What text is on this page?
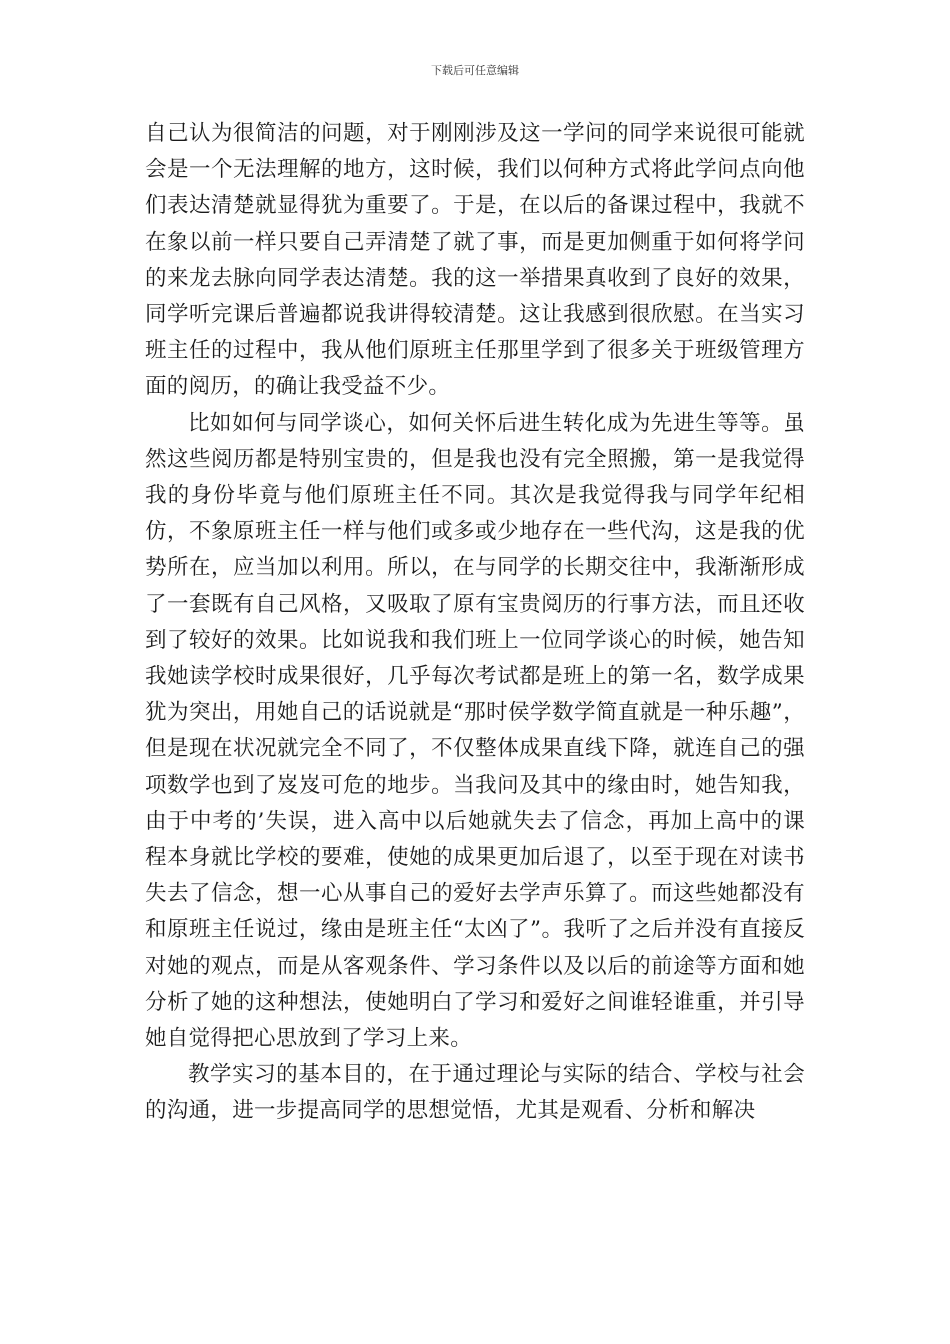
下载后可任意编辑

自己认为很简洁的问题，对于刚刚涉及这一学问的同学来说很可能就会是一个无法理解的地方，这时候，我们以何种方式将此学问点向他们表达清楚就显得犹为重要了。于是，在以后的备课过程中，我就不在象以前一样只要自己弄清楚了就了事，而是更加侧重于如何将学问的来龙去脉向同学表达清楚。我的这一举措果真收到了良好的效果，同学听完课后普遍都说我讲得较清楚。这让我感到很欣慰。在当实习班主任的过程中，我从他们原班主任那里学到了很多关于班级管理方面的阅历，的确让我受益不少。

比如如何与同学谈心，如何关怀后进生转化成为先进生等等。虽然这些阅历都是特别宝贵的，但是我也没有完全照搬，第一是我觉得我的身份毕竟与他们原班主任不同。其次是我觉得我与同学年纪相仿，不象原班主任一样与他们或多或少地存在一些代沟，这是我的优势所在，应当加以利用。所以，在与同学的长期交往中，我渐渐形成了一套既有自己风格，又吸取了原有宝贵阅历的行事方法，而且还收到了较好的效果。比如说我和我们班上一位同学谈心的时候，她告知我她读学校时成果很好，几乎每次考试都是班上的第一名，数学成果犹为突出，用她自己的话说就是“那时侯学数学简直就是一种乐趣”，但是现在状况就完全不同了，不仅整体成果直线下降，就连自己的强项数学也到了岌岌可危的地步。当我问及其中的缘由时，她告知我，由于中考的’失误，进入高中以后她就失去了信念，再加上高中的课程本身就比学校的要难，使她的成果更加后退了，以至于现在对读书失去了信念，想一心从事自己的爱好去学声乐算了。而这些她都没有和原班主任说过，缘由是班主任“太凶了”。我听了之后并没有直接反对她的观点，而是从客观条件、学习条件以及以后的前途等方面和她分析了她的这种想法，使她明白了学习和爱好之间谁轻谁重，并引导她自觉得把心思放到了学习上来。

教学实习的基本目的，在于通过理论与实际的结合、学校与社会的沟通，进一步提高同学的思想觉悟，尤其是观看、分析和解决
